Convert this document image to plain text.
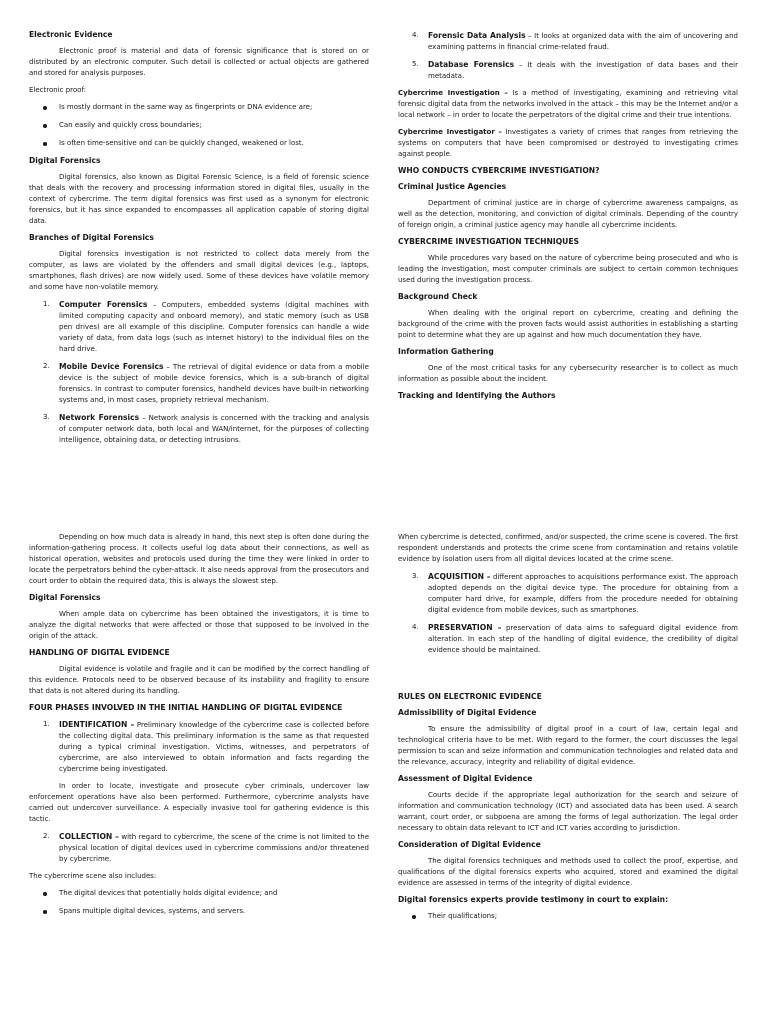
Electronic Evidence

Electronic proof is material and data of forensic significance that is stored on or distributed by an electronic computer. Such detail is collected or actual objects are gathered and stored for analysis purposes.

Electronic proof:

Is mostly dormant in the same way as fingerprints or DNA evidence are;
Can easily and quickly cross boundaries;
Is often time-sensitive and can be quickly changed, weakened or lost.
Digital Forensics

Digital forensics, also known as Digital Forensic Science, is a field of forensic science that deals with the recovery and processing information stored in digital files, usually in the context of cybercrime. The term digital forensics was first used as a synonym for electronic forensics, but it has since expanded to encompasses all application capable of storing digital data.

Branches of Digital Forensics

Digital forensics investigation is not restricted to collect data merely from the computer, as laws are violated by the offenders and small digital devices (e.g., laptops, smartphones, flash drives) are now widely used. Some of these devices have volatile memory and some have non-volatile memory.

1. Computer Forensics – Computers, embedded systems (digital machines with limited computing capacity and onboard memory), and static memory (such as USB pen drives) are all example of this discipline. Computer forensics can handle a wide variety of data, from data logs (such as internet history) to the individual files on the hard drive.
2. Mobile Device Forensics – The retrieval of digital evidence or data from a mobile device is the subject of mobile device forensics, which is a sub-branch of digital forensics. In contrast to computer forensics, handheld devices have built-in networking systems and, in most cases, propriety retrieval mechanism.
3. Network Forensics – Network analysis is concerned with the tracking and analysis of computer network data, both local and WAN/internet, for the purposes of collecting intelligence, obtaining data, or detecting intrusions.
4. Forensic Data Analysis – It looks at organized data with the aim of uncovering and examining patterns in financial crime-related fraud.
5. Database Forensics – It deals with the investigation of data bases and their metadata.

Cybercrime Investigation – Is a method of investigating, examining and retrieving vital forensic digital data from the networks involved in the attack – this may be the Internet and/or a local network – in order to locate the perpetrators of the digital crime and their true intentions.

Cybercrime Investigator – Investigates a variety of crimes that ranges from retrieving the systems on computers that have been compromised or destroyed to investigating crimes against people.

WHO CONDUCTS CYBERCRIME INVESTIGATION?
Criminal Justice Agencies

Department of criminal justice are in charge of cybercrime awareness campaigns, as well as the detection, monitoring, and conviction of digital criminals. Depending of the country of foreign origin, a criminal justice agency may handle all cybercrime incidents.

CYBERCRIME INVESTIGATION TECHNIQUES

While procedures vary based on the nature of cybercrime being prosecuted and who is leading the investigation, most computer criminals are subject to certain common techniques used during the investigation process.

Background Check

When dealing with the original report on cybercrime, creating and defining the background of the crime with the proven facts would assist authorities in establishing a starting point to determine what they are up against and how much documentation they have.

Information Gathering

One of the most critical tasks for any cybersecurity researcher is to collect as much information as possible about the incident.

Tracking and Identifying the Authors

Depending on how much data is already in hand, this next step is often done during the information-gathering process. It collects useful log data about their connections, as well as historical operation, websites and protocols used during the time they were linked in order to locate the perpetrators behind the cyber-attack. It also needs approval from the prosecutors and court order to obtain the required data, this is always the slowest step.

Digital Forensics

When ample data on cybercrime has been obtained the investigators, it is time to analyze the digital networks that were affected or those that supposed to be involved in the origin of the attack.

HANDLING OF DIGITAL EVIDENCE

Digital evidence is volatile and fragile and it can be modified by the correct handling of this evidence. Protocols need to be observed because of its instability and fragility to ensure that data is not altered during its handling.

FOUR PHASES INVOLVED IN THE INITIAL HANDLING OF DIGITAL EVIDENCE
1. IDENTIFICATION – Preliminary knowledge of the cybercrime case is collected before the collecting digital data. This preliminary information is the same as that requested during a typical criminal investigation. Victims, witnesses, and perpetrators of cybercrime, are also interviewed to obtain information and facts regarding the cybercrime being investigated.

In order to locate, investigate and prosecute cyber criminals, undercover law enforcement operations have also been performed. Furthermore, cybercrime analysts have carried out undercover surveillance. A especially invasive tool for gathering evidence is this tactic.

2. COLLECTION – with regard to cybercrime, the scene of the crime is not limited to the physical location of digital devices used in cybercrime commissions and/or threatened by cybercrime.

The cybercrime scene also includes:

The digital devices that potentially holds digital evidence; and
Spans multiple digital devices, systems, and servers.

When cybercrime is detected, confirmed, and/or suspected, the crime scene is covered. The first respondent understands and protects the crime scene from contamination and retains volatile evidence by isolation users from all digital devices located at the crime scene.

3. ACQUISITION – different approaches to acquisitions performance exist. The approach adopted depends on the digital device type. The procedure for obtaining from a computer hard drive, for example, differs from the procedure needed for obtaining digital evidence from mobile devices, such as smartphones.
4. PRESERVATION – preservation of data aims to safeguard digital evidence from alteration. In each step of the handling of digital evidence, the credibility of digital evidence should be maintained.
RULES ON ELECTRONIC EVIDENCE
Admissibility of Digital Evidence

To ensure the admissibility of digital proof in a court of law, certain legal and technological criteria have to be met. With regard to the former, the court discusses the legal permission to scan and seize information and communication technologies and related data and the relevance, accuracy, integrity and reliability of digital evidence.

Assessment of Digital Evidence

Courts decide if the appropriate legal authorization for the search and seizure of information and communication technology (ICT) and associated data has been used. A search warrant, court order, or subpoena are among the forms of legal authorization. The legal order necessary to obtain data relevant to ICT and ICT varies according to jurisdiction.

Consideration of Digital Evidence

The digital forensics techniques and methods used to collect the proof, expertise, and qualifications of the digital forensics experts who acquired, stored and examined the digital evidence are assessed in terms of the integrity of digital evidence.

Digital forensics experts provide testimony in court to explain:
Their qualifications;
